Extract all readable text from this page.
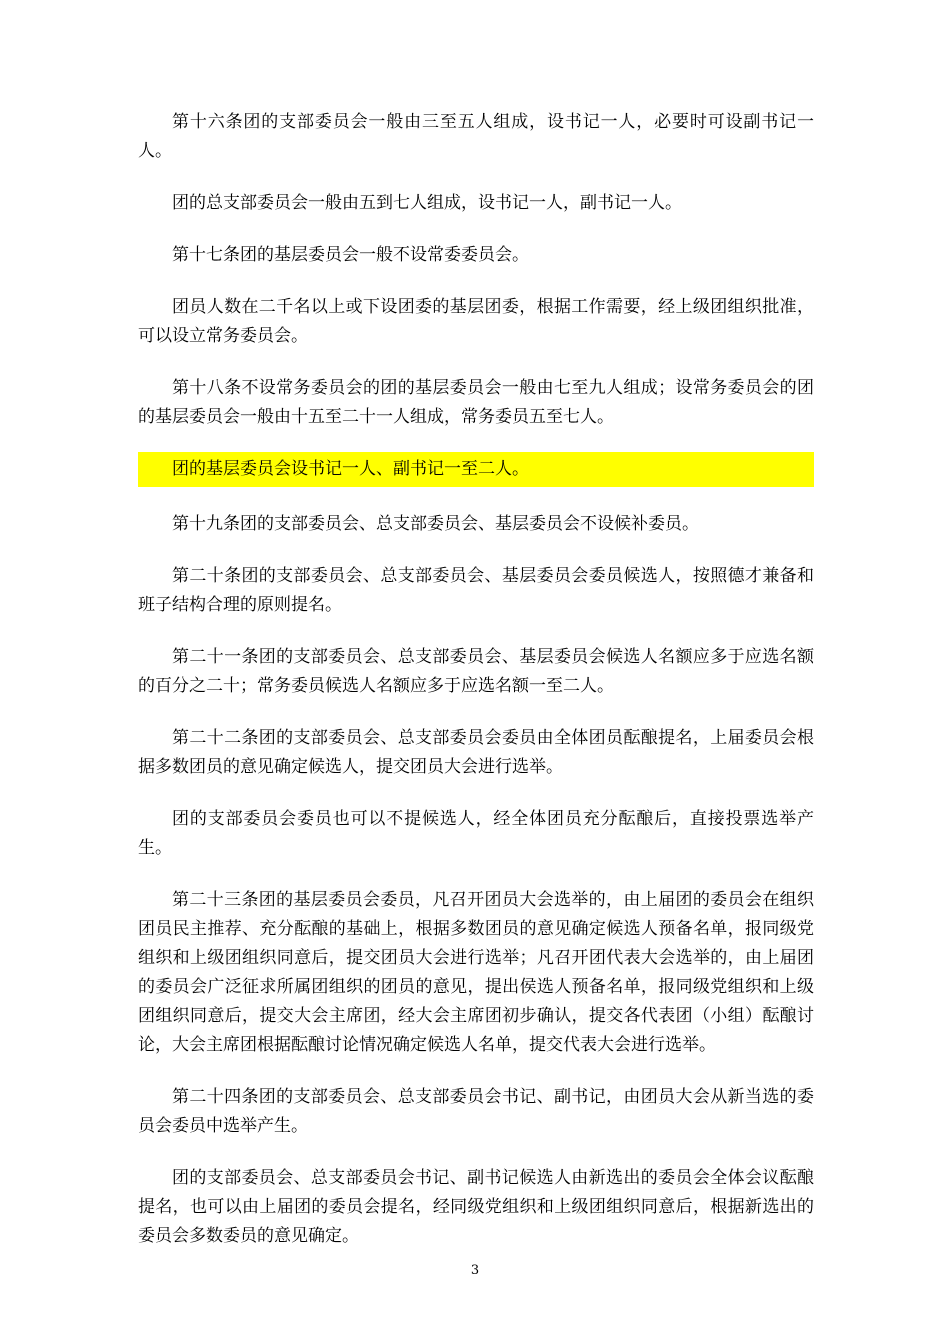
第十六条团的支部委员会一般由三至五人组成，设书记一人，必要时可设副书记一人。

团的总支部委员会一般由五到七人组成，设书记一人，副书记一人。

第十七条团的基层委员会一般不设常委委员会。

团员人数在二千名以上或下设团委的基层团委，根据工作需要，经上级团组织批准，可以设立常务委员会。

第十八条不设常务委员会的团的基层委员会一般由七至九人组成；设常务委员会的团的基层委员会一般由十五至二十一人组成，常务委员五至七人。

团的基层委员会设书记一人、副书记一至二人。

第十九条团的支部委员会、总支部委员会、基层委员会不设候补委员。

第二十条团的支部委员会、总支部委员会、基层委员会委员候选人，按照德才兼备和班子结构合理的原则提名。

第二十一条团的支部委员会、总支部委员会、基层委员会候选人名额应多于应选名额的百分之二十；常务委员候选人名额应多于应选名额一至二人。

第二十二条团的支部委员会、总支部委员会委员由全体团员酝酿提名，上届委员会根据多数团员的意见确定候选人，提交团员大会进行选举。

团的支部委员会委员也可以不提候选人，经全体团员充分酝酿后，直接投票选举产生。

第二十三条团的基层委员会委员，凡召开团员大会选举的，由上届团的委员会在组织团员民主推荐、充分酝酿的基础上，根据多数团员的意见确定候选人预备名单，报同级党组织和上级团组织同意后，提交团员大会进行选举；凡召开团代表大会选举的，由上届团的委员会广泛征求所属团组织的团员的意见，提出侯选人预备名单，报同级党组织和上级团组织同意后，提交大会主席团，经大会主席团初步确认，提交各代表团（小组）酝酿讨论，大会主席团根据酝酿讨论情况确定候选人名单，提交代表大会进行选举。

第二十四条团的支部委员会、总支部委员会书记、副书记，由团员大会从新当选的委员会委员中选举产生。

团的支部委员会、总支部委员会书记、副书记候选人由新选出的委员会全体会议酝酿提名，也可以由上届团的委员会提名，经同级党组织和上级团组织同意后，根据新选出的委员会多数委员的意见确定。

3
